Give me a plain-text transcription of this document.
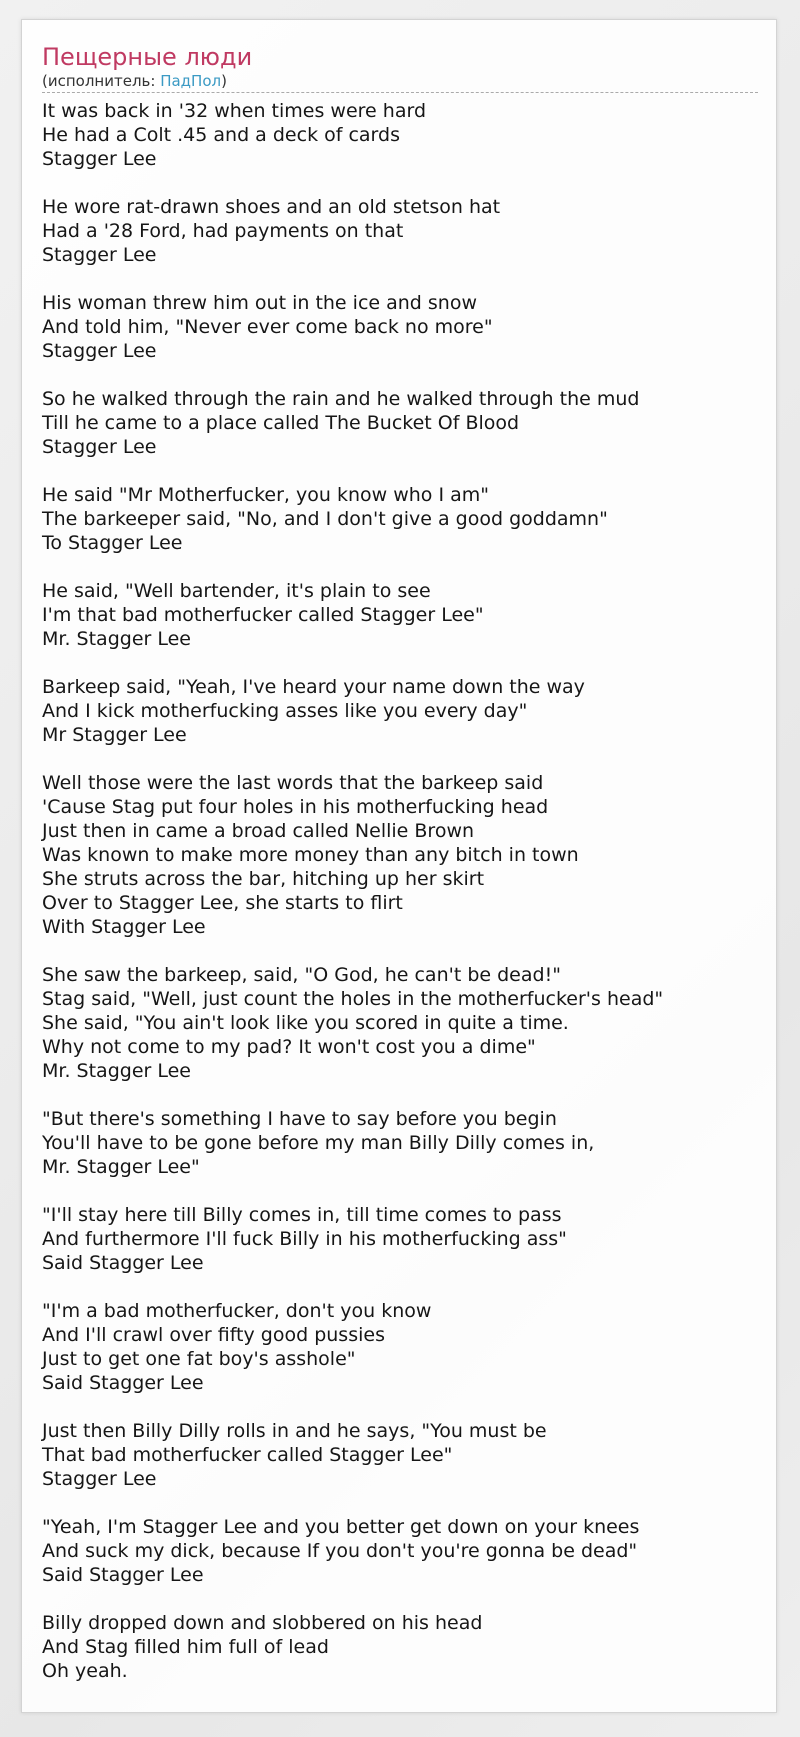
Пещерные люди
(исполнитель: ПадПол)
It was back in '32 when times were hard
He had a Colt .45 and a deck of cards
Stagger Lee
He wore rat-drawn shoes and an old stetson hat
Had a '28 Ford, had payments on that
Stagger Lee
His woman threw him out in the ice and snow
And told him, "Never ever come back no more"
Stagger Lee
So he walked through the rain and he walked through the mud
Till he came to a place called The Bucket Of Blood
Stagger Lee
He said "Mr Motherfucker, you know who I am"
The barkeeper said, "No, and I don't give a good goddamn"
To Stagger Lee
He said, "Well bartender, it's plain to see
I'm that bad motherfucker called Stagger Lee"
Mr. Stagger Lee
Barkeep said, "Yeah, I've heard your name down the way
And I kick motherfucking asses like you every day"
Mr Stagger Lee
Well those were the last words that the barkeep said
'Cause Stag put four holes in his motherfucking head
Just then in came a broad called Nellie Brown
Was known to make more money than any bitch in town
She struts across the bar, hitching up her skirt
Over to Stagger Lee, she starts to flirt
With Stagger Lee
She saw the barkeep, said, "O God, he can't be dead!"
Stag said, "Well, just count the holes in the motherfucker's head"
She said, "You ain't look like you scored in quite a time.
Why not come to my pad? It won't cost you a dime"
Mr. Stagger Lee
"But there's something I have to say before you begin
You'll have to be gone before my man Billy Dilly comes in,
Mr. Stagger Lee"
"I'll stay here till Billy comes in, till time comes to pass
And furthermore I'll fuck Billy in his motherfucking ass"
Said Stagger Lee
"I'm a bad motherfucker, don't you know
And I'll crawl over fifty good pussies
Just to get one fat boy's asshole"
Said Stagger Lee
Just then Billy Dilly rolls in and he says, "You must be
That bad motherfucker called Stagger Lee"
Stagger Lee
"Yeah, I'm Stagger Lee and you better get down on your knees
And suck my dick, because If you don't you're gonna be dead"
Said Stagger Lee
Billy dropped down and slobbered on his head
And Stag filled him full of lead
Oh yeah.
